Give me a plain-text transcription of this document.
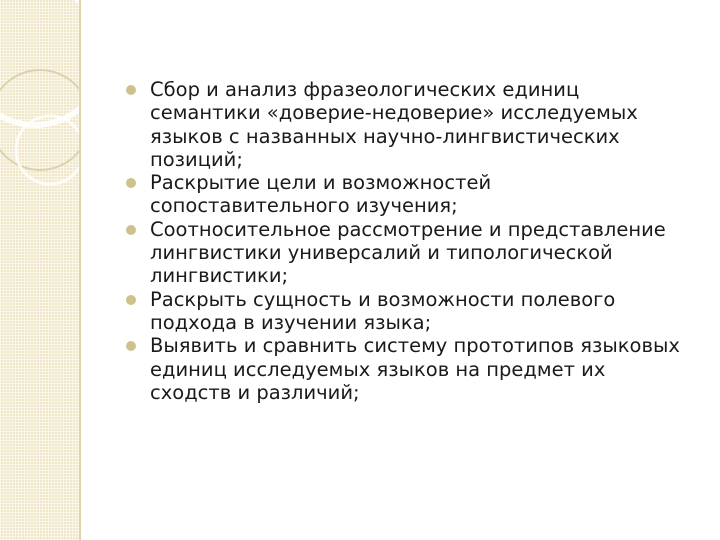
Сбор и анализ фразеологических единиц семантики «доверие-недоверие» исследуемых языков с названных научно-лингвистических позиций;
Раскрытие цели и возможностей сопоставительного изучения;
Соотносительное рассмотрение и представление лингвистики универсалий и типологической лингвистики;
Раскрыть сущность и возможности полевого подхода в изучении языка;
Выявить и сравнить систему прототипов языковых единиц исследуемых языков на предмет их сходств и различий;
